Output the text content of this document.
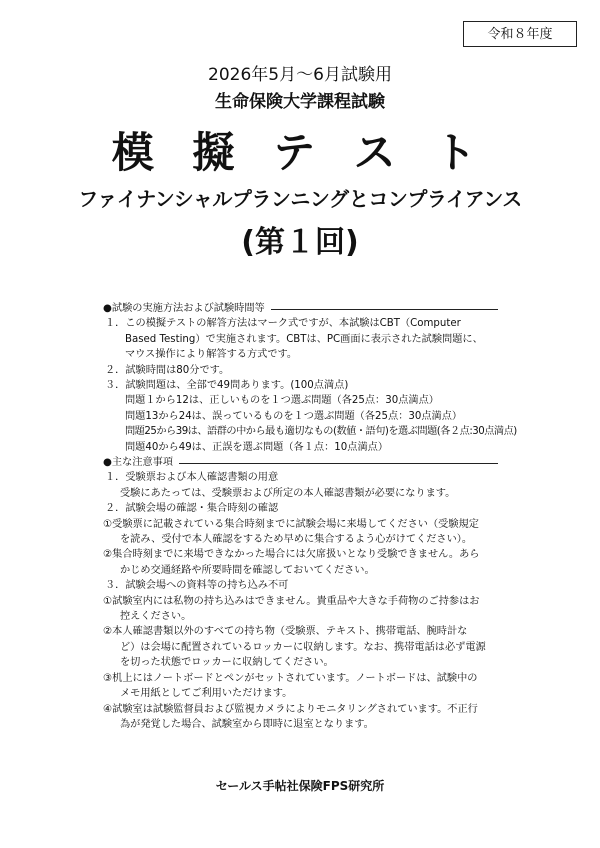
令和８年度
2026年5月～6月試験用
生命保険大学課程試験
模 擬 テ ス ト
ファイナンシャルプランニングとコンプライアンス
(第１回)
●試験の実施方法および試験時間等
１．この模擬テストの解答方法はマーク式ですが、本試験はCBT（Computer
Based Testing）で実施されます。CBTは、PC画面に表示された試験問題に、
マウス操作により解答する方式です。
２．試験時間は80分です。
３．試験問題は、全部で49問あります。(100点満点)
問題１から12は、正しいものを１つ選ぶ問題（各25点：30点満点）
問題13から24は、誤っているものを１つ選ぶ問題（各25点：30点満点）
問題25から39は、語群の中から最も適切なもの(数値・語句)を選ぶ問題(各２点:30点満点)
問題40から49は、正誤を選ぶ問題（各１点：10点満点）
●主な注意事項
１．受験票および本人確認書類の用意
受験にあたっては、受験票および所定の本人確認書類が必要になります。
２．試験会場の確認・集合時刻の確認
①受験票に記載されている集合時刻までに試験会場に来場してください（受験規定
を読み、受付で本人確認をするため早めに集合するよう心がけてください）。
②集合時刻までに来場できなかった場合には欠席扱いとなり受験できません。あら
かじめ交通経路や所要時間を確認しておいてください。
３．試験会場への資料等の持ち込み不可
①試験室内には私物の持ち込みはできません。貴重品や大きな手荷物のご持参はお
控えください。
②本人確認書類以外のすべての持ち物（受験票、テキスト、携帯電話、腕時計な
ど）は会場に配置されているロッカーに収納します。なお、携帯電話は必ず電源
を切った状態でロッカーに収納してください。
③机上にはノートボードとペンがセットされています。ノートボードは、試験中の
メモ用紙としてご利用いただけます。
④試験室は試験監督員および監視カメラによりモニタリングされています。不正行
為が発覚した場合、試験室から即時に退室となります。
セールス手帖社保険FPS研究所
